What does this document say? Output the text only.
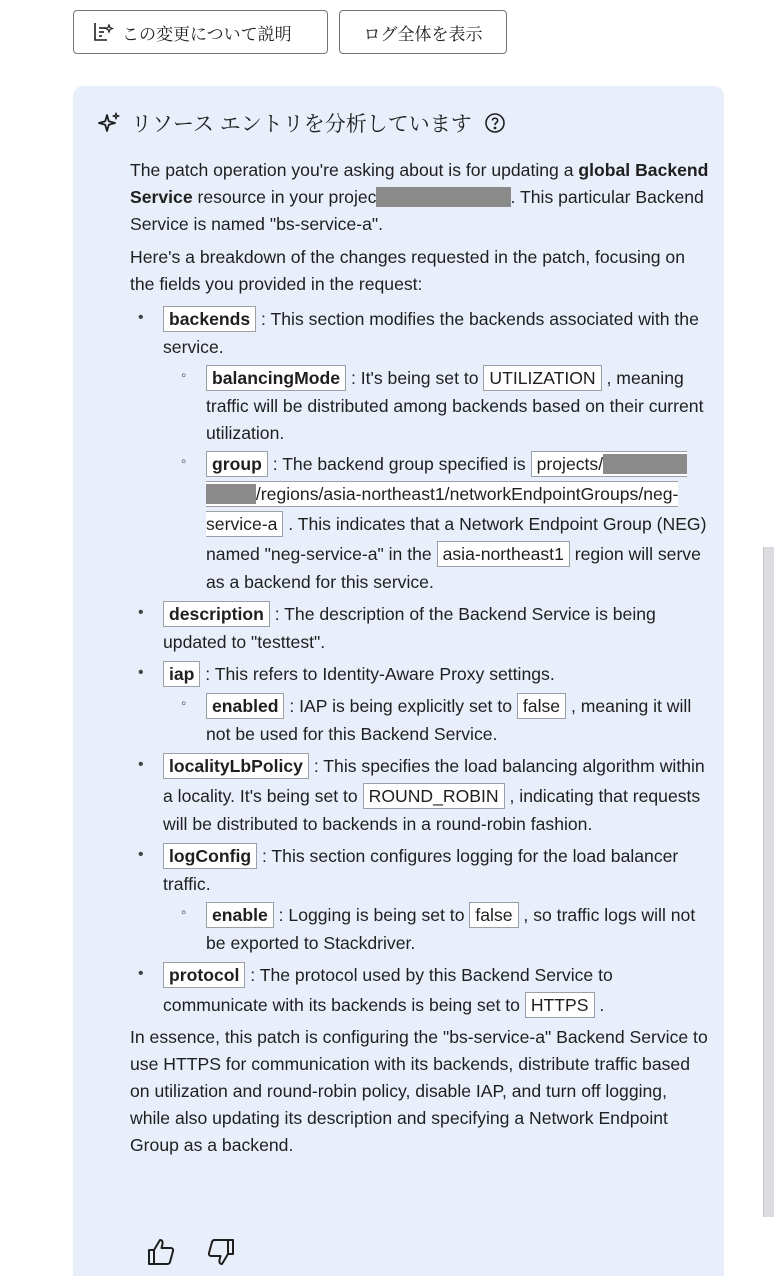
この変更について説明	ログ全体を表示
リソース エントリを分析しています

The patch operation you're asking about is for updating a global Backend Service resource in your projec watanabe-hikaru . This particular Backend Service is named "bs-service-a".

Here's a breakdown of the changes requested in the patch, focusing on the fields you provided in the request:

• backends : This section modifies the backends associated with the service.
◦ balancingMode : It's being set to UTILIZATION , meaning traffic will be distributed among backends based on their current utilization.
◦ group : The backend group specified is projects/ watanabe-hikaru /regions/asia-northeast1/networkEndpointGroups/neg-service-a . This indicates that a Network Endpoint Group (NEG) named "neg-service-a" in the asia-northeast1 region will serve as a backend for this service.
• description : The description of the Backend Service is being updated to "testtest".
• iap : This refers to Identity-Aware Proxy settings.
◦ enabled : IAP is being explicitly set to false , meaning it will not be used for this Backend Service.
• localityLbPolicy : This specifies the load balancing algorithm within a locality. It's being set to ROUND_ROBIN , indicating that requests will be distributed to backends in a round-robin fashion.
• logConfig : This section configures logging for the load balancer traffic.
◦ enable : Logging is being set to false , so traffic logs will not be exported to Stackdriver.
• protocol : The protocol used by this Backend Service to communicate with its backends is being set to HTTPS .

In essence, this patch is configuring the "bs-service-a" Backend Service to use HTTPS for communication with its backends, distribute traffic based on utilization and round-robin policy, disable IAP, and turn off logging, while also updating its description and specifying a Network Endpoint Group as a backend.
